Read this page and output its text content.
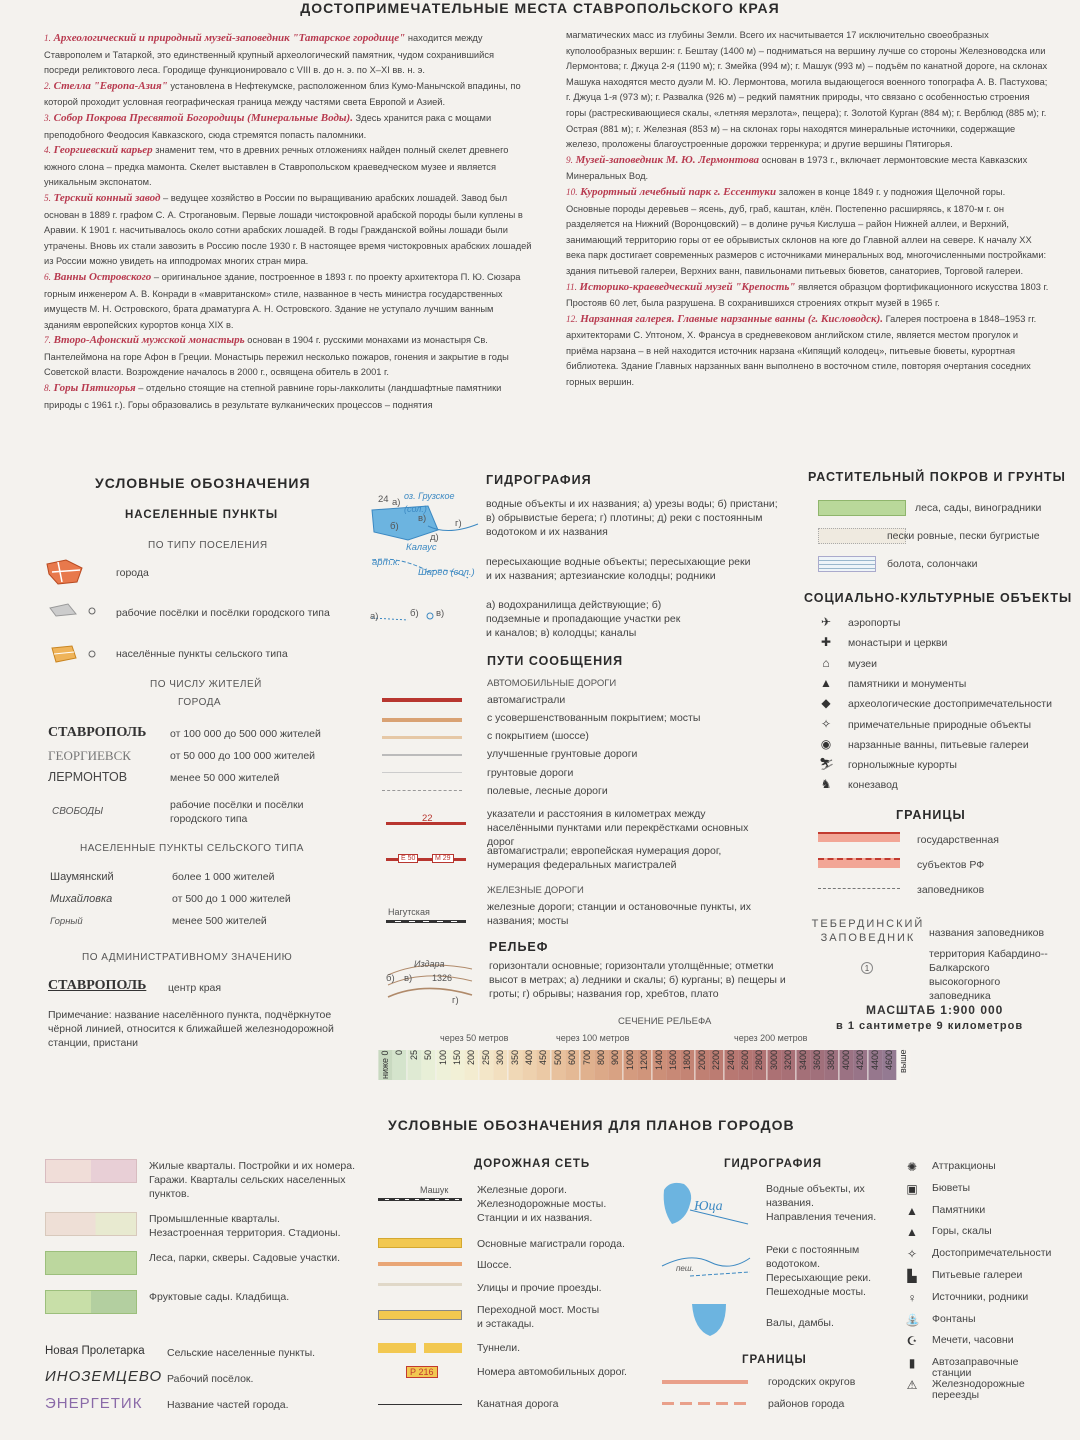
ДОСТОПРИМЕЧАТЕЛЬНЫЕ МЕСТА СТАВРОПОЛЬСКОГО КРАЯ
1. Археологический и природный музей-заповедник "Татарское городище" находится между Ставрополем и Татаркой, это единственный крупный археологический памятник, чудом сохранившийся посреди реликтового леса. Городище функционировало с VIII в. до н. э. по X–XI вв. н. э.
2. Стелла "Европа-Азия" установлена в Нефтекумске, расположенном близ Кумо-Манычской впадины, по которой проходит условная географическая граница между частями света Европой и Азией.
3. Собор Покрова Пресвятой Богородицы (Минеральные Воды). Здесь хранится рака с мощами преподобного Феодосия Кавказского, сюда стремятся попасть паломники.
4. Георгиевский карьер знаменит тем, что в древних речных отложениях найден полный скелет древнего южного слона – предка мамонта. Скелет выставлен в Ставропольском краеведческом музее и является уникальным экспонатом.
5. Терский конный завод – ведущее хозяйство в России по выращиванию арабских лошадей. Завод был основан в 1889 г. графом С. А. Строгановым. Первые лошади чистокровной арабской породы были куплены в Аравии. К 1901 г. насчитывалось около сотни арабских лошадей. В годы Гражданской войны лошади были утрачены. Вновь их стали завозить в Россию после 1930 г. В настоящее время чистокровных арабских лошадей из России можно увидеть на ипподромах многих стран мира.
6. Ванны Островского – оригинальное здание, построенное в 1893 г. по проекту архитектора П. Ю. Сюзара горным инженером А. В. Конради в «мавританском» стиле, названное в честь министра государственных имуществ М. Н. Островского, брата драматурга А. Н. Островского. Здание не уступало лучшим ванным зданиям европейских курортов конца XIX в.
7. Второ-Афонский мужской монастырь основан в 1904 г. русскими монахами из монастыря Св. Пантелеймона на горе Афон в Греции. Монастырь пережил несколько пожаров, гонения и закрытие в годы Советской власти. Возрождение началось в 2000 г., освящена обитель в 2001 г.
8. Горы Пятигорья – отдельно стоящие на степной равнине горы-лакколиты (ландшафтные памятники природы с 1961 г.). Горы образовались в результате вулканических процессов – поднятия
магматических масс из глубины Земли. Всего их насчитывается 17 исключительно своеобразных куполообразных вершин: г. Бештау (1400 м) – подниматься на вершину лучше со стороны Железноводска или Лермонтова; г. Джуца 2-я (1190 м); г. Змейка (994 м); г. Машук (993 м) – подъём по канатной дороге, на склонах Машука находятся место дуэли М. Ю. Лермонтова, могила выдающегося военного топографа А. В. Пастухова; г. Джуца 1-я (973 м); г. Развалка (926 м) – редкий памятник природы, что связано с особенностью строения горы (растрескивающиеся скалы, «летняя мерзлота», пещера); г. Золотой Курган (884 м); г. Верблюд (885 м); г. Острая (881 м); г. Железная (853 м) – на склонах горы находятся минеральные источники, содержащие железо, проложены благоустроенные дорожки терренкура; и другие вершины Пятигорья.
9. Музей-заповедник М. Ю. Лермонтова основан в 1973 г., включает лермонтовские места Кавказских Минеральных Вод.
10. Курортный лечебный парк г. Ессентуки заложен в конце 1849 г. у подножия Щелочной горы. Основные породы деревьев – ясень, дуб, граб, каштан, клён. Постепенно расширяясь, к 1870-м г. он разделяется на Нижний (Воронцовский) – в долине ручья Кислуша – район Нижней аллеи, и Верхний, занимающий территорию горы от ее обрывистых склонов на юге до Главной аллеи на севере. К началу XX века парк достигает современных размеров с источниками минеральных вод, многочисленными постройками: здания питьевой галереи, Верхних ванн, павильонами питьевых бюветов, санаториев, Торговой галереи.
11. Историко-краеведческий музей "Крепость" является образцом фортификационного искусства 1803 г. Простояв 60 лет, была разрушена. В сохранившихся строениях открыт музей в 1965 г.
12. Нарзанная галерея. Главные нарзанные ванны (г. Кисловодск). Галерея построена в 1848–1953 гг. архитекторами С. Уптоном, Х. Франсуа в средневековом английском стиле, является местом прогулок и приёма нарзана – в ней находится источник нарзана «Кипящий колодец», питьевые бюветы, курортная библиотека. Здание Главных нарзанных ванн выполнено в восточном стиле, повторяя очертания соседних горных вершин.
УСЛОВНЫЕ ОБОЗНАЧЕНИЯ
НАСЕЛЕННЫЕ ПУНКТЫ
ПО ТИПУ ПОСЕЛЕНИЯ
города
рабочие посёлки и посёлки городского типа
населённые пункты сельского типа
ПО ЧИСЛУ ЖИТЕЛЕЙ
ГОРОДА
СТАВРОПОЛЬ от 100 000 до 500 000 жителей
ГЕОРГИЕВСК	от 50 000 до 100 000 жителей
ЛЕРМОНТОВ	менее 50 000 жителей
СВОБОДЫ
рабочие посёлки и посёлки городского типа
НАСЕЛЕННЫЕ ПУНКТЫ СЕЛЬСКОГО ТИПА
Шаумянский	более 1 000 жителей
Михайловка	от 500 до 1 000 жителей
Горный	менее 500 жителей
ПО АДМИНИСТРАТИВНОМУ ЗНАЧЕНИЮ
СТАВРОПОЛЬ центр края
Примечание: название населённого пункта, подчёркнутое чёрной линией, относится к ближайшей железнодорожной станции, пристани
ГИДРОГРАФИЯ
24 а)
оз. Грузское (сол.)
б)
в)	г)
д)
Калаус
арт.к.
Шарео (сол.)
а)	б) в)
водные объекты и их названия; а) урезы воды; б) пристани; в) обрывистые берега; г) плотины; д) реки с постоянным водотоком и их названия
пересыхающие водные объекты; пересыхающие реки и их названия; артезианские колодцы; родники
а) водохранилища действующие; б) подземные и пропадающие участки рек и каналов; в) колодцы; каналы
ПУТИ СООБЩЕНИЯ
АВТОМОБИЛЬНЫЕ ДОРОГИ
автомагистрали
с усовершенствованным покрытием; мосты
с покрытием (шоссе)
улучшенные грунтовые дороги
грунтовые дороги
полевые, лесные дороги
22	указатели и расстояния в километрах между населёнными пунктами или перекрёстками основных дорог
Е 50	М 29
автомагистрали; европейская нумерация дорог, нумерация федеральных магистралей
ЖЕЛЕЗНЫЕ ДОРОГИ
железные дороги; станции и остановочные пункты, их названия; мосты
Нагутская
РЕЛЬЕФ
горизонтали основные; горизонтали утолщённые; отметки высот в метрах; а) ледники и скалы; б) курганы; в) пещеры и гроты; г) обрывы; названия гор, хребтов, плато
Издара
б) в) 1326
г)
СЕЧЕНИЕ РЕЛЬЕФА
через 50 метров	через 100 метров	через 200 метров
ниже 0 0 25 50 100 150 200 250 300 350 400 450 500 600 700 800 900 1000 1200 1400 1600 1800 2000 2200 2400 2600 2800 3000 3200 3400 3600 3800 4000 4200 4400 4600 выше
РАСТИТЕЛЬНЫЙ ПОКРОВ И ГРУНТЫ
леса, сады, виноградники
пески ровные, пески бугристые
болота, солончаки
СОЦИАЛЬНО-КУЛЬТУРНЫЕ ОБЪЕКТЫ
✈ аэропорты
✚ монастыри и церкви
⌂	музеи
▲ памятники и монументы
◆ археологические достопримечательности
✧ примечательные природные объекты
◉ нарзанные ванны, питьевые галереи
⛷ горнолыжные курорты
♞ конезавод
ГРАНИЦЫ
государственная
субъектов РФ
заповедников
ТЕБЕРДИНСКИЙ ЗАПОВЕДНИК	названия заповедников
1
территория Кабардино--Балкарского высокогорного заповедника
МАСШТАБ 1:900 000
в 1 сантиметре 9 километров
УСЛОВНЫЕ ОБОЗНАЧЕНИЯ ДЛЯ ПЛАНОВ ГОРОДОВ
Жилые кварталы. Постройки и их номера. Гаражи. Кварталы сельских населенных пунктов.
Промышленные кварталы. Незастроенная территория. Стадионы.
Леса, парки, скверы. Садовые участки.
Фруктовые сады. Кладбища.
Новая Пролетарка Сельские населенные пункты.
ИНОЗЕМЦЕВО Рабочий посёлок.
ЭНЕРГЕТИК Название частей города.
ДОРОЖНАЯ СЕТЬ
Машук
Р 216
Железные дороги. Железнодорожные мосты. Станции и их названия.
Основные магистрали города.
Шоссе.
Улицы и прочие проезды.
Переходной мост. Мосты и эстакады.
Туннели.
Номера автомобильных дорог.
Канатная дорога
ГИДРОГРАФИЯ
Юца
пеш.
Водные объекты, их названия. Направления течения.
Реки с постоянным водотоком. Пересыхающие реки. Пешеходные мосты.
Валы, дамбы.
ГРАНИЦЫ
городских округов
районов города
✺ Аттракционы
▣ Бюветы
▲ Памятники
▲ Горы, скалы
✧ Достопримечательности
▙ Питьевые галереи
♀ Источники, родники
⛲ Фонтаны
☪ Мечети, часовни
▮	Автозаправочные станции
⚠ Железнодорожные переезды
